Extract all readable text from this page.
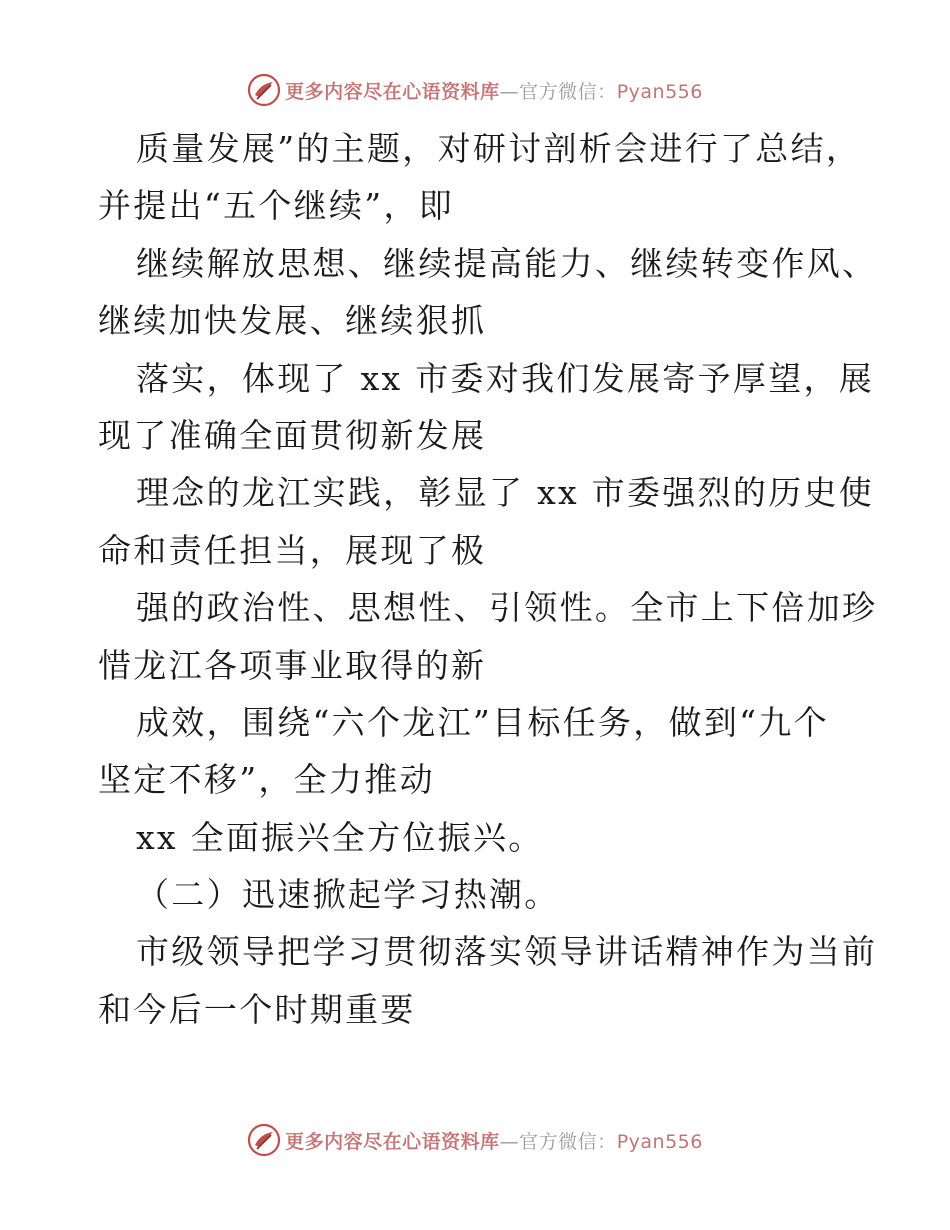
更多内容尽在心语资料库—官方微信：Pyan556
质量发展”的主题，对研讨剖析会进行了总结，
并提出“五个继续”，即
继续解放思想、继续提高能力、继续转变作风、
继续加快发展、继续狠抓
落实，体现了 xx 市委对我们发展寄予厚望，展
现了准确全面贯彻新发展
理念的龙江实践，彰显了 xx 市委强烈的历史使
命和责任担当，展现了极
强的政治性、思想性、引领性。全市上下倍加珍
惜龙江各项事业取得的新
成效，围绕“六个龙江”目标任务，做到“九个
坚定不移”，全力推动
xx 全面振兴全方位振兴。
（二）迅速掀起学习热潮。
市级领导把学习贯彻落实领导讲话精神作为当前
和今后一个时期重要
更多内容尽在心语资料库—官方微信：Pyan556
